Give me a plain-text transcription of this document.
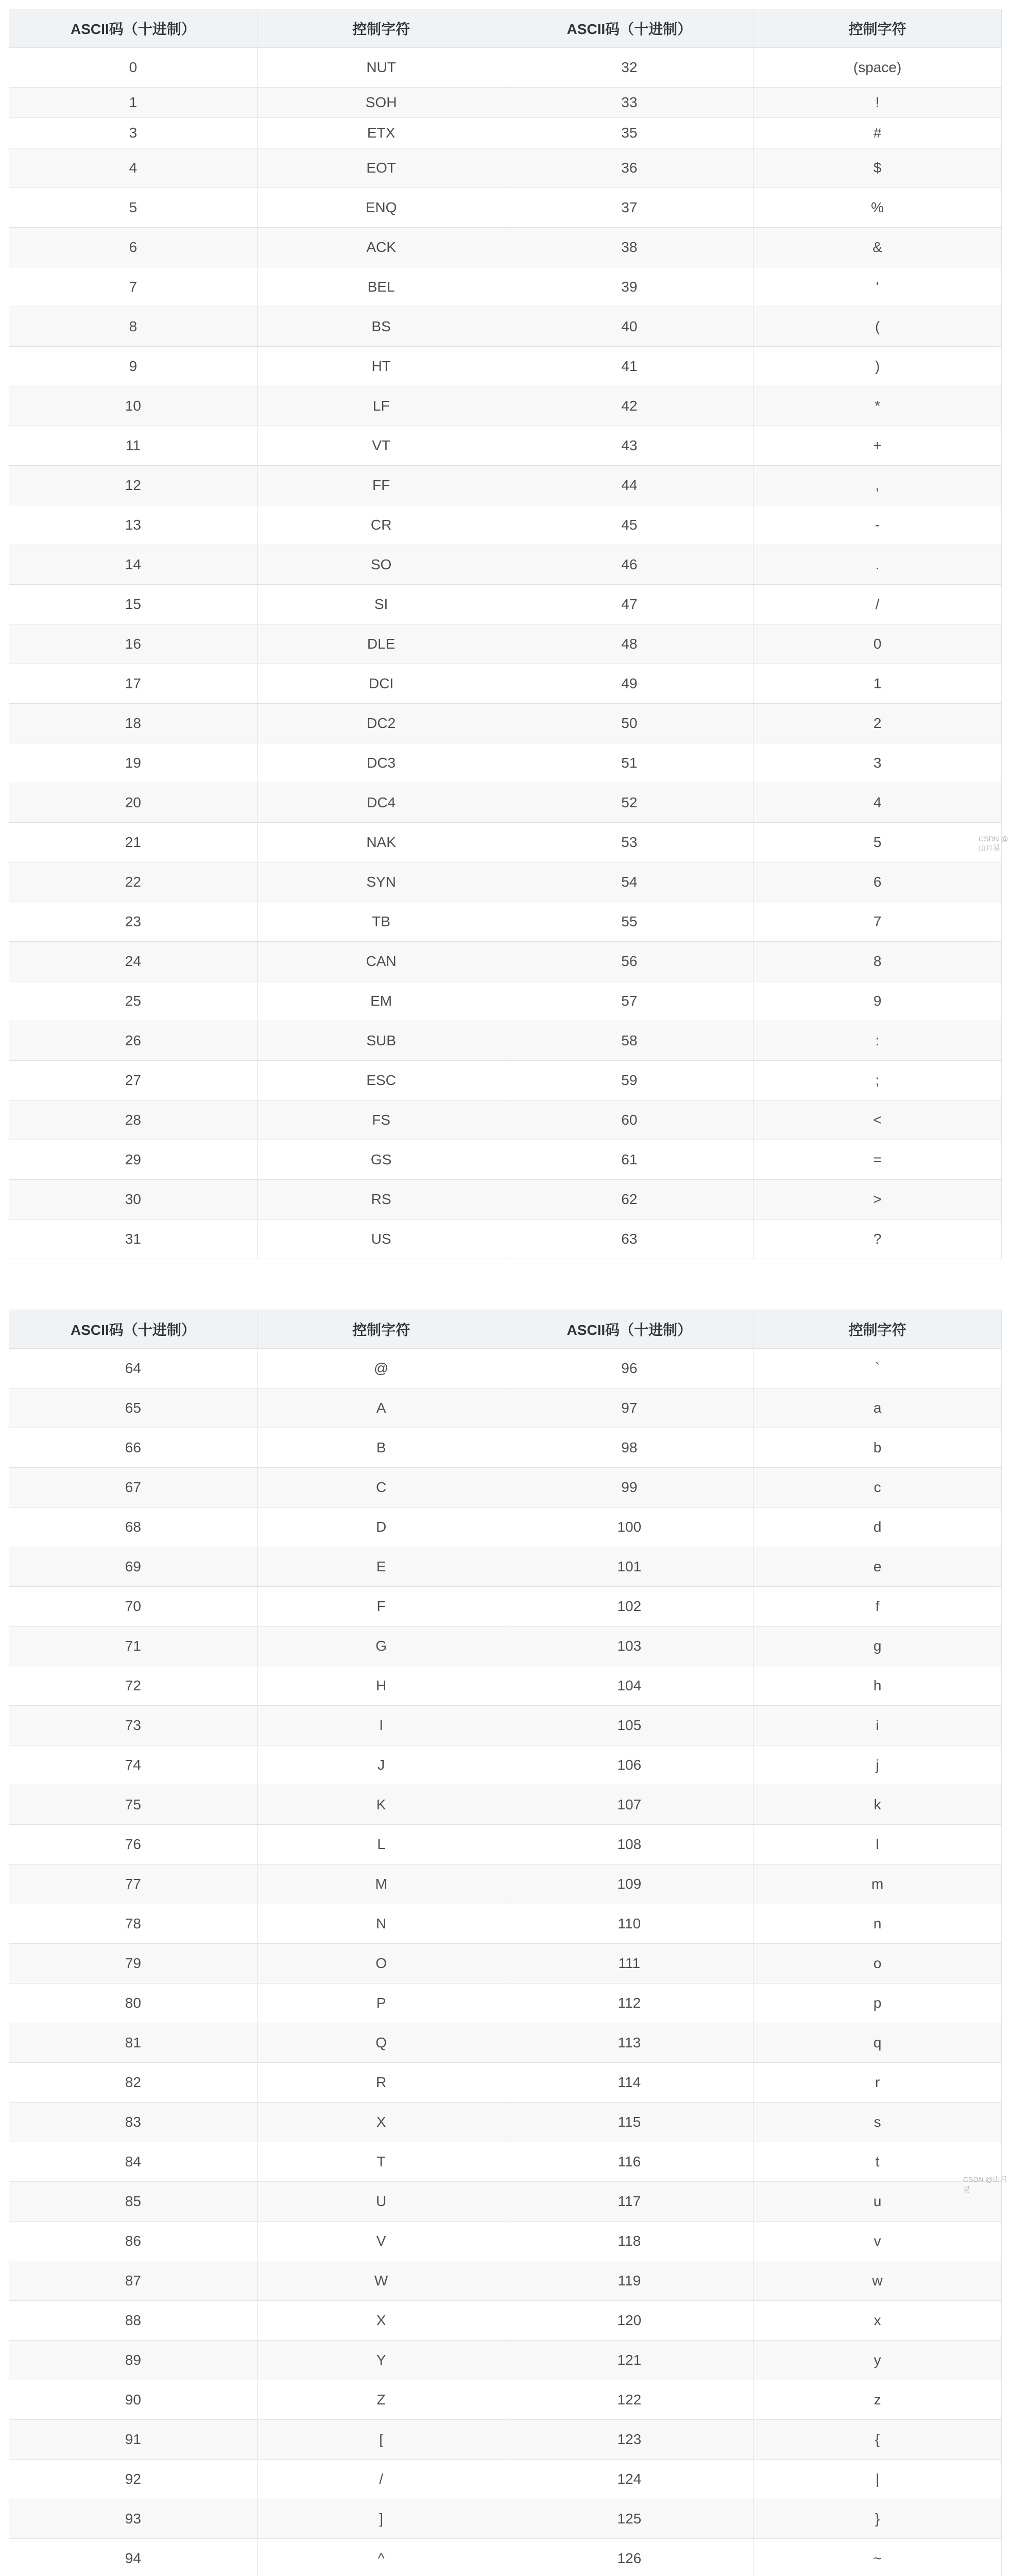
ASCII码（十进制）	控制字符	ASCII码（十进制）	控制字符
0	NUT	32	(space)
1	SOH	33	!
3	ETX	35	#
4	EOT	36	$
5	ENQ	37	%
6	ACK	38	&
7	BEL	39	'
8	BS	40	(
9	HT	41	)
10	LF	42	*
11	VT	43	+
12	FF	44	,
13	CR	45	-
14	SO	46	.
15	SI	47	/
16	DLE	48	0
17	DCI	49	1
18	DC2	50	2
19	DC3	51	3
20	DC4	52	4
21	NAK	53	5
22	SYN	54	6
23	TB	55	7
24	CAN	56	8
25	EM	57	9
26	SUB	58	:
27	ESC	59	;
28	FS	60	<
29	GS	61	=
30	RS	62	>
31	US	63	?
ASCII码（十进制）	控制字符	ASCII码（十进制）	控制字符
64	@	96	`
65	A	97	a
66	B	98	b
67	C	99	c
68	D	100	d
69	E	101	e
70	F	102	f
71	G	103	g
72	H	104	h
73	I	105	i
74	J	106	j
75	K	107	k
76	L	108	l
77	M	109	m
78	N	110	n
79	O	111	o
80	P	112	p
81	Q	113	q
82	R	114	r
83	X	115	s
84	T	116	t
85	U	117	u
86	V	118	v
87	W	119	w
88	X	120	x
89	Y	121	y
90	Z	122	z
91	[	123	{
92	/	124	|
93	]	125	}
94	^	126	~

CSDN @山月易
CSDN @山月易
